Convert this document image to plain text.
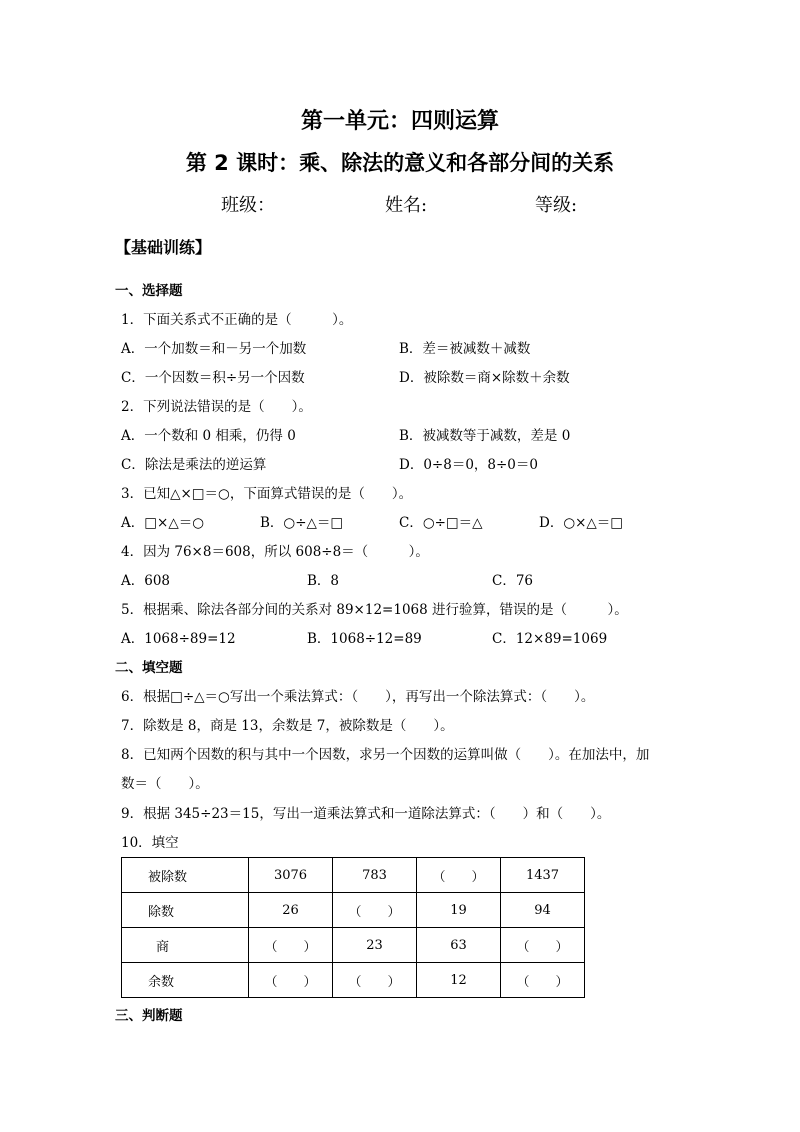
第一单元：四则运算
第 2 课时：乘、除法的意义和各部分间的关系
班级：	姓名:	等级:
【基础训练】
一、选择题
1．下面关系式不正确的是（　　　）。
A．一个加数＝和－另一个加数	B．差＝被减数＋减数
C．一个因数＝积÷另一个因数	D．被除数＝商×除数＋余数
2．下列说法错误的是（　　）。
A．一个数和 0 相乘，仍得 0	B．被减数等于减数，差是 0
C．除法是乘法的逆运算	D．0÷8＝0，8÷0＝0
3．已知△×□＝○，下面算式错误的是（　　）。
A．□×△＝○	B．○÷△＝□	C．○÷□＝△	D．○×△＝□
4．因为 76×8＝608，所以 608÷8＝（　　　）。
A．608	B．8	C．76
5．根据乘、除法各部分间的关系对 89×12=1068 进行验算，错误的是（　　　）。
A．1068÷89=12	B．1068÷12=89	C．12×89=1069
二、填空题
6．根据□÷△＝○写出一个乘法算式：（　　），再写出一个除法算式：（　　）。
7．除数是 8，商是 13，余数是 7，被除数是（　　）。
8．已知两个因数的积与其中一个因数，求另一个因数的运算叫做（　　）。在加法中，加
数＝（　　）。
9．根据 345÷23＝15，写出一道乘法算式和一道除法算式：（　　）和（　　）。
10．填空
被除数	3076	783	（　　）	1437
除数	26	（　　）	19	94
商	（　　）	23	63	（　　）
余数	（　　）	（　　）	12	（　　）
三、判断题
